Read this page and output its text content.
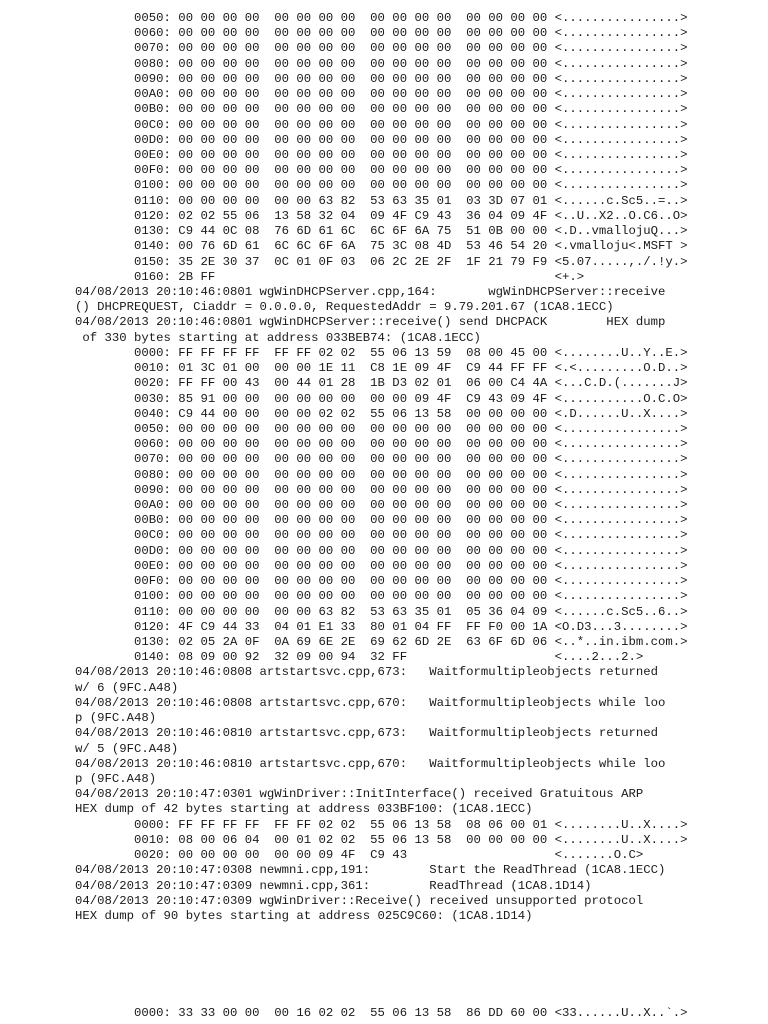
0050: 00 00 00 00  00 00 00 00  00 00 00 00  00 00 00 00 <................>
0060: 00 00 00 00  00 00 00 00  00 00 00 00  00 00 00 00 <................>
0070: 00 00 00 00  00 00 00 00  00 00 00 00  00 00 00 00 <................>
0080: 00 00 00 00  00 00 00 00  00 00 00 00  00 00 00 00 <................>
0090: 00 00 00 00  00 00 00 00  00 00 00 00  00 00 00 00 <................>
00A0: 00 00 00 00  00 00 00 00  00 00 00 00  00 00 00 00 <................>
00B0: 00 00 00 00  00 00 00 00  00 00 00 00  00 00 00 00 <................>
00C0: 00 00 00 00  00 00 00 00  00 00 00 00  00 00 00 00 <................>
00D0: 00 00 00 00  00 00 00 00  00 00 00 00  00 00 00 00 <................>
00E0: 00 00 00 00  00 00 00 00  00 00 00 00  00 00 00 00 <................>
00F0: 00 00 00 00  00 00 00 00  00 00 00 00  00 00 00 00 <................>
0100: 00 00 00 00  00 00 00 00  00 00 00 00  00 00 00 00 <................>
0110: 00 00 00 00  00 00 63 82  53 63 35 01  03 3D 07 01 <......c.Sc5..=..>
0120: 02 02 55 06  13 58 32 04  09 4F C9 43  36 04 09 4F <..U..X2..O.C6..O>
0130: C9 44 0C 08  76 6D 61 6C  6C 6F 6A 75  51 0B 00 00 <.D..vmallojuQ...>
0140: 00 76 6D 61  6C 6C 6F 6A  75 3C 08 4D  53 46 54 20 <.vmalloju<.MSFT >
0150: 35 2E 30 37  0C 01 0F 03  06 2C 2E 2F  1F 21 79 F9 <5.07.....,./.!y.>
0160: 2B FF                                              <+.>
04/08/2013 20:10:46:0801 wgWinDHCPServer.cpp,164:       wgWinDHCPServer::receive
() DHCPREQUEST, Ciaddr = 0.0.0.0, RequestedAddr = 9.79.201.67 (1CA8.1ECC)
04/08/2013 20:10:46:0801 wgWinDHCPServer::receive() send DHCPACK        HEX dump
of 330 bytes starting at address 033BEB74: (1CA8.1ECC)
0000: FF FF FF FF  FF FF 02 02  55 06 13 59  08 00 45 00 <........U..Y..E.>
0010: 01 3C 01 00  00 00 1E 11  C8 1E 09 4F  C9 44 FF FF <.<.........O.D..>
0020: FF FF 00 43  00 44 01 28  1B D3 02 01  06 00 C4 4A <...C.D.(.......J>
0030: 85 91 00 00  00 00 00 00  00 00 09 4F  C9 43 09 4F <...........O.C.O>
0040: C9 44 00 00  00 00 02 02  55 06 13 58  00 00 00 00 <.D......U..X....>
0050: 00 00 00 00  00 00 00 00  00 00 00 00  00 00 00 00 <................>
0060: 00 00 00 00  00 00 00 00  00 00 00 00  00 00 00 00 <................>
0070: 00 00 00 00  00 00 00 00  00 00 00 00  00 00 00 00 <................>
0080: 00 00 00 00  00 00 00 00  00 00 00 00  00 00 00 00 <................>
0090: 00 00 00 00  00 00 00 00  00 00 00 00  00 00 00 00 <................>
00A0: 00 00 00 00  00 00 00 00  00 00 00 00  00 00 00 00 <................>
00B0: 00 00 00 00  00 00 00 00  00 00 00 00  00 00 00 00 <................>
00C0: 00 00 00 00  00 00 00 00  00 00 00 00  00 00 00 00 <................>
00D0: 00 00 00 00  00 00 00 00  00 00 00 00  00 00 00 00 <................>
00E0: 00 00 00 00  00 00 00 00  00 00 00 00  00 00 00 00 <................>
00F0: 00 00 00 00  00 00 00 00  00 00 00 00  00 00 00 00 <................>
0100: 00 00 00 00  00 00 00 00  00 00 00 00  00 00 00 00 <................>
0110: 00 00 00 00  00 00 63 82  53 63 35 01  05 36 04 09 <......c.Sc5..6..>
0120: 4F C9 44 33  04 01 E1 33  80 01 04 FF  FF F0 00 1A <O.D3...3........>
0130: 02 05 2A 0F  0A 69 6E 2E  69 62 6D 2E  63 6F 6D 06 <..*..in.ibm.com.>
0140: 08 09 00 92  32 09 00 94  32 FF                    <....2...2.>
04/08/2013 20:10:46:0808 artstartsvc.cpp,673:   Waitformultipleobjects returned
w/ 6 (9FC.A48)
04/08/2013 20:10:46:0808 artstartsvc.cpp,670:   Waitformultipleobjects while loo
p (9FC.A48)
04/08/2013 20:10:46:0810 artstartsvc.cpp,673:   Waitformultipleobjects returned
w/ 5 (9FC.A48)
04/08/2013 20:10:46:0810 artstartsvc.cpp,670:   Waitformultipleobjects while loo
p (9FC.A48)
04/08/2013 20:10:47:0301 wgWinDriver::InitInterface() received Gratuitous ARP
HEX dump of 42 bytes starting at address 033BF100: (1CA8.1ECC)
0000: FF FF FF FF  FF FF 02 02  55 06 13 58  08 06 00 01 <........U..X....>
0010: 08 00 06 04  00 01 02 02  55 06 13 58  00 00 00 00 <........U..X....>
0020: 00 00 00 00  00 00 09 4F  C9 43                    <.......O.C>
04/08/2013 20:10:47:0308 newmni.cpp,191:        Start the ReadThread (1CA8.1ECC)
04/08/2013 20:10:47:0309 newmni.cpp,361:        ReadThread (1CA8.1D14)
04/08/2013 20:10:47:0309 wgWinDriver::Receive() received unsupported protocol
HEX dump of 90 bytes starting at address 025C9C60: (1CA8.1D14)
0000: 33 33 00 00  00 16 02 02  55 06 13 58  86 DD 60 00 <33......U..X..`.>
